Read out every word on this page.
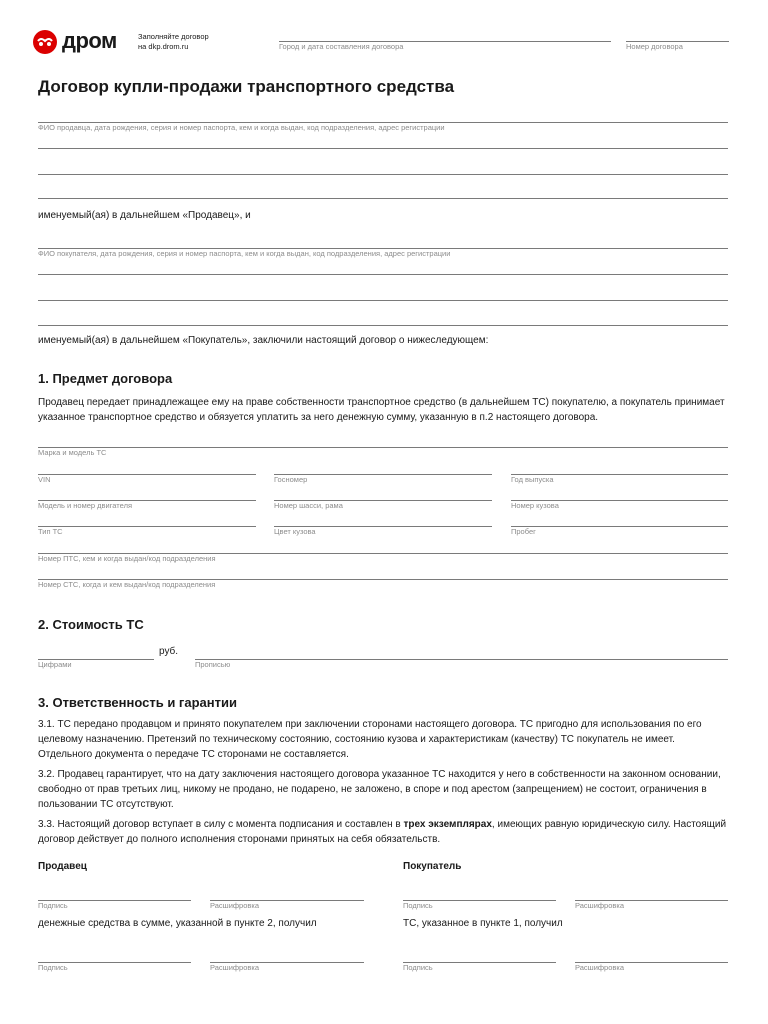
дром	Заполняйте договор
на dkp.drom.ru	Город и дата составления договора	Номер договора
Договор купли-продажи транспортного средства
ФИО продавца, дата рождения, серия и номер паспорта, кем и когда выдан, код подразделения, адрес регистрации
именуемый(ая) в дальнейшем «Продавец», и
ФИО покупателя, дата рождения, серия и номер паспорта, кем и когда выдан, код подразделения, адрес регистрации
именуемый(ая) в дальнейшем «Покупатель», заключили настоящий договор о нижеследующем:
1. Предмет договора
Продавец передает принадлежащее ему на праве собственности транспортное средство (в дальнейшем ТС) покупателю, а покупатель принимает указанное транспортное средство и обязуется уплатить за него денежную сумму, указанную в п.2 настоящего договора.
Марка и модель ТС
VIN	Госномер	Год выпуска
Модель и номер двигателя	Номер шасси, рама	Номер кузова
Тип ТС	Цвет кузова	Пробег
Номер ПТС, кем и когда выдан/код подразделения
Номер СТС, когда и кем выдан/код подразделения
2. Стоимость ТС
руб.
Цифрами	Прописью
3. Ответственность и гарантии
3.1. ТС передано продавцом и принято покупателем при заключении сторонами настоящего договора. ТС пригодно для использования по его целевому назначению. Претензий по техническому состоянию, состоянию кузова и характеристикам (качеству) ТС покупатель не имеет. Отдельного документа о передаче ТС сторонами не составляется.
3.2. Продавец гарантирует, что на дату заключения настоящего договора указанное ТС находится у него в собственности на законном основании, свободно от прав третьих лиц, никому не продано, не подарено, не заложено, в споре и под арестом (запрещением) не состоит, ограничения в пользовании ТС отсутствуют.
3.3. Настоящий договор вступает в силу с момента подписания и составлен в трех экземплярах, имеющих равную юридическую силу. Настоящий договор действует до полного исполнения сторонами принятых на себя обязательств.
Продавец	Покупатель
Подпись	Расшифровка	Подпись	Расшифровка
денежные средства в сумме, указанной в пункте 2, получил	ТС, указанное в пункте 1, получил
Подпись	Расшифровка	Подпись	Расшифровка
